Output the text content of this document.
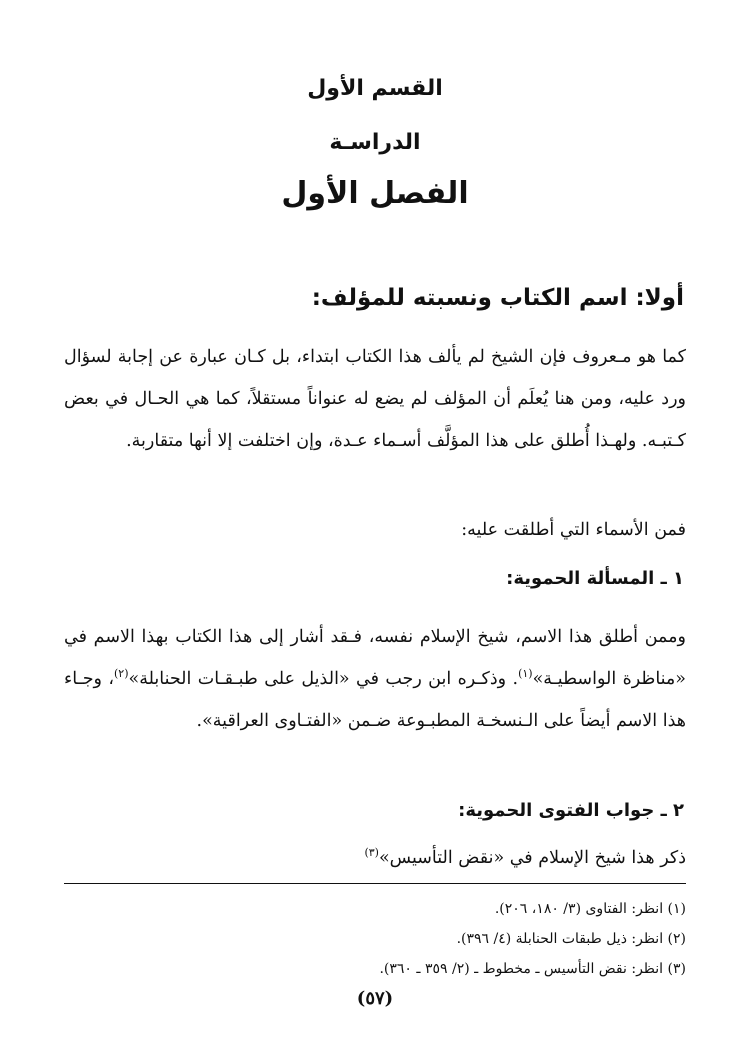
القسم الأول
الدراسـة
الفصل الأول
أولا: اسم الكتاب ونسبته للمؤلف:

كما هو مـعروف فإن الشيخ لم يألف هذا الكتاب ابتداء، بل كـان عبارة عن إجابة لسؤال ورد عليه، ومن هنا يُعلَم أن المؤلف لم يضع له عنواناً مستقلاً، كما هي الحـال في بعض كـتبـه. ولهـذا أُطلق على هذا المؤلَّف أسـماء عـدة، وإن اختلفت إلا أنها متقاربة.

فمن الأسماء التي أطلقت عليه:
١ ـ المسألة الحموية:

وممن أطلق هذا الاسم، شيخ الإسلام نفسه، فـقد أشار إلى هذا الكتاب بهذا الاسم في «مناظرة الواسطيـة»$^{(١)}$. وذكـره ابن رجب في «الذيل على طبـقـات الحنابلة»$^{(٢)}$، وجـاء هذا الاسم أيضاً على الـنسخـة المطبـوعة ضـمن «الفتـاوى العراقية».

٢ ـ جواب الفتوى الحموية:
ذكر هذا شيخ الإسلام في «نقض التأسيس»$^{(٣)}$
(١) انظر: الفتاوى (٣/ ١٨٠، ٢٠٦).
(٢) انظر: ذيل طبقات الحنابلة (٤/ ٣٩٦).
(٣) انظر: نقض التأسيس ـ مخطوط ـ (٢/ ٣٥٩ ـ ٣٦٠).
(٥٧)
